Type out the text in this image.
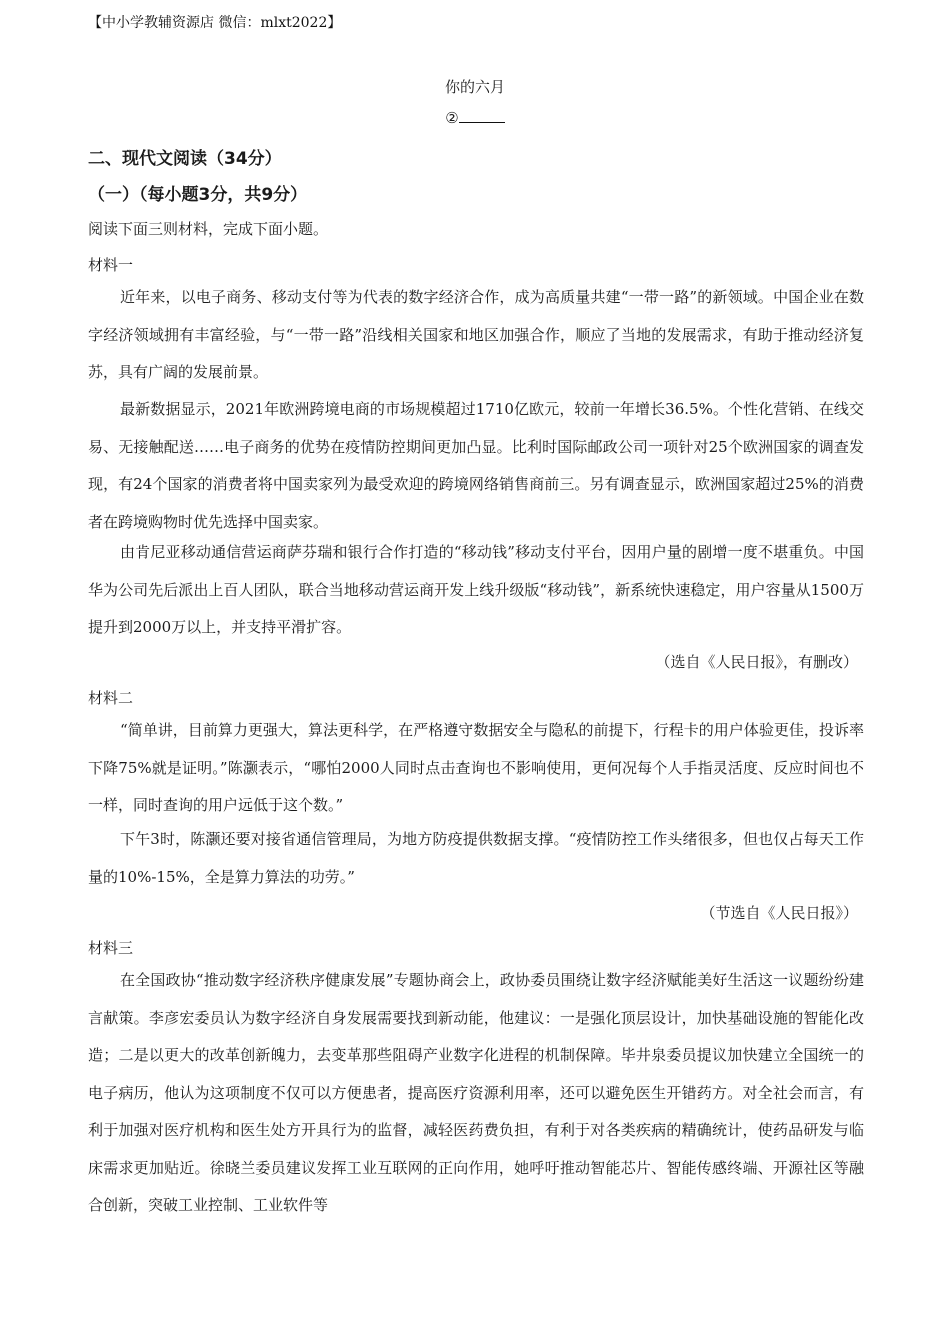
【中小学教辅资源店 微信：mlxt2022】
你的六月
②
二、现代文阅读（34分）
（一）（每小题3分，共9分）
阅读下面三则材料，完成下面小题。
材料一

近年来，以电子商务、移动支付等为代表的数字经济合作，成为高质量共建“一带一路”的新领域。中国企业在数字经济领域拥有丰富经验，与“一带一路”沿线相关国家和地区加强合作，顺应了当地的发展需求，有助于推动经济复苏，具有广阔的发展前景。

最新数据显示，2021年欧洲跨境电商的市场规模超过1710亿欧元，较前一年增长36.5%。个性化营销、在线交易、无接触配送……电子商务的优势在疫情防控期间更加凸显。比利时国际邮政公司一项针对25个欧洲国家的调查发现，有24个国家的消费者将中国卖家列为最受欢迎的跨境网络销售商前三。另有调查显示，欧洲国家超过25%的消费者在跨境购物时优先选择中国卖家。

由肯尼亚移动通信营运商萨芬瑞和银行合作打造的“移动钱”移动支付平台，因用户量的剧增一度不堪重负。中国华为公司先后派出上百人团队，联合当地移动营运商开发上线升级版“移动钱”，新系统快速稳定，用户容量从1500万提升到2000万以上，并支持平滑扩容。

（选自《人民日报》，有删改）
材料二

“简单讲，目前算力更强大，算法更科学，在严格遵守数据安全与隐私的前提下，行程卡的用户体验更佳，投诉率下降75%就是证明。”陈灏表示，“哪怕2000人同时点击查询也不影响使用，更何况每个人手指灵活度、反应时间也不一样，同时查询的用户远低于这个数。”

下午3时，陈灏还要对接省通信管理局，为地方防疫提供数据支撑。“疫情防控工作头绪很多，但也仅占每天工作量的10%-15%，全是算力算法的功劳。”

（节选自《人民日报》）
材料三

在全国政协“推动数字经济秩序健康发展”专题协商会上，政协委员围绕让数字经济赋能美好生活这一议题纷纷建言献策。李彦宏委员认为数字经济自身发展需要找到新动能，他建议：一是强化顶层设计，加快基础设施的智能化改造；二是以更大的改革创新魄力，去变革那些阻碍产业数字化进程的机制保障。毕井泉委员提议加快建立全国统一的电子病历，他认为这项制度不仅可以方便患者，提高医疗资源利用率，还可以避免医生开错药方。对全社会而言，有利于加强对医疗机构和医生处方开具行为的监督，减轻医药费负担，有利于对各类疾病的精确统计，使药品研发与临床需求更加贴近。徐晓兰委员建议发挥工业互联网的正向作用，她呼吁推动智能芯片、智能传感终端、开源社区等融合创新，突破工业控制、工业软件等
